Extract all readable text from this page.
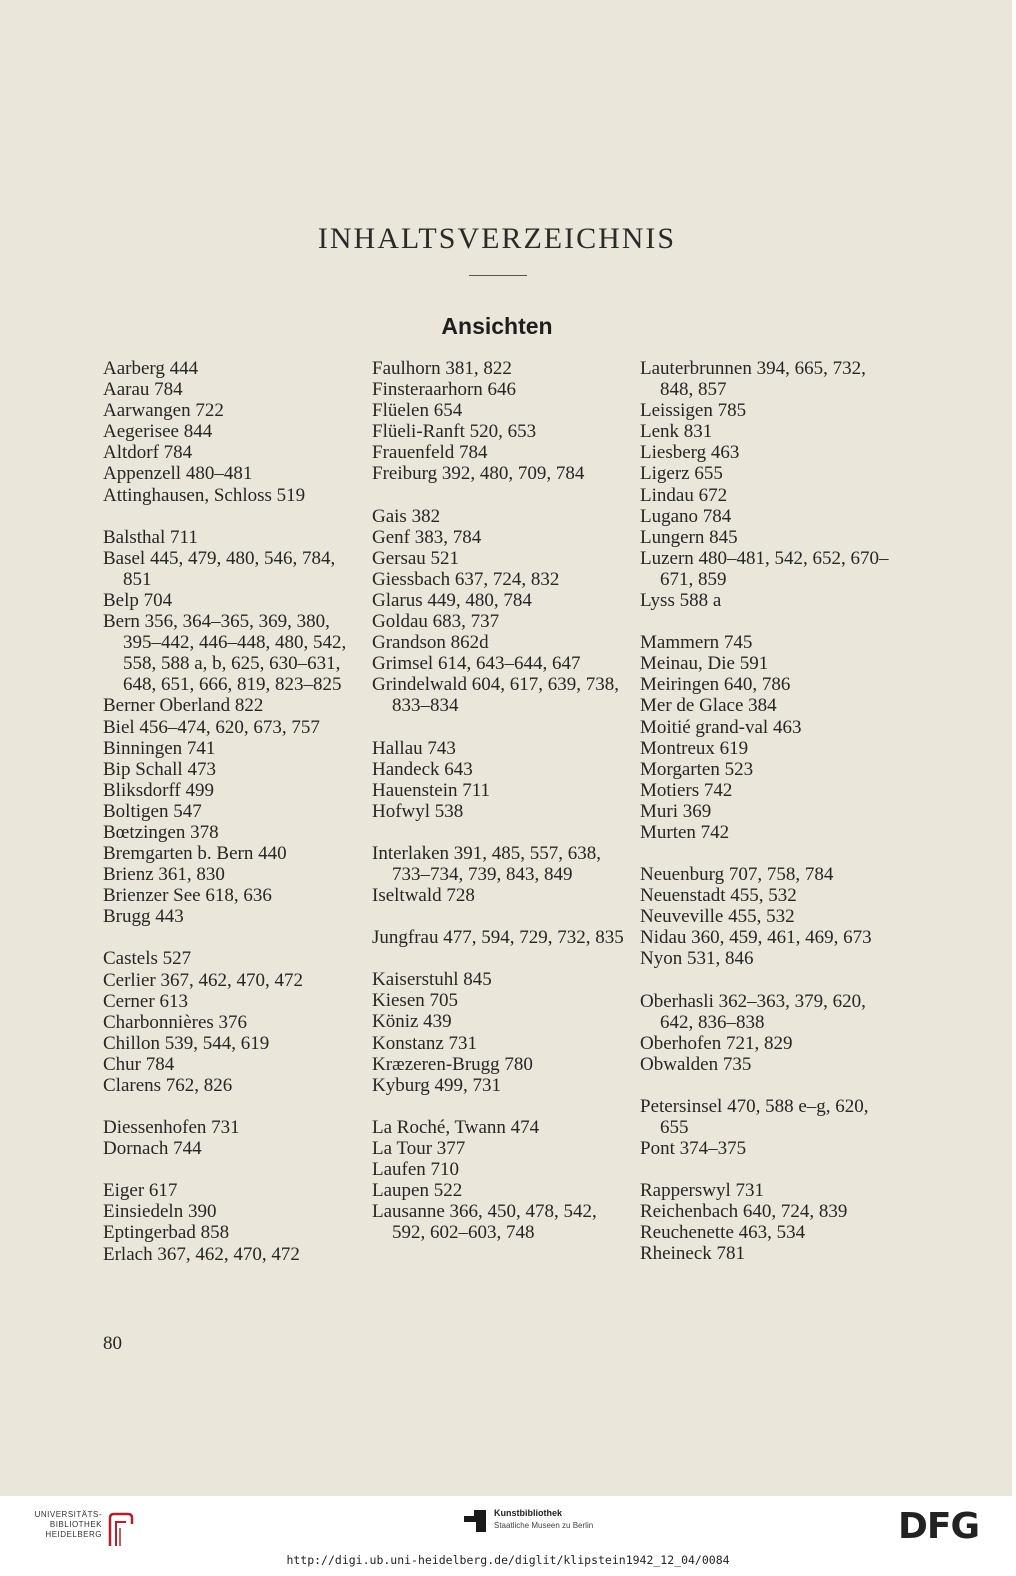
INHALTSVERZEICHNIS
Ansichten
Aarberg 444
Aarau 784
Aarwangen 722
Aegerisee 844
Altdorf 784
Appenzell 480–481
Attinghausen, Schloss 519
Balsthal 711
Basel 445, 479, 480, 546, 784, 851
Belp 704
Bern 356, 364–365, 369, 380, 395–442, 446–448, 480, 542, 558, 588 a, b, 625, 630–631, 648, 651, 666, 819, 823–825
Berner Oberland 822
Biel 456–474, 620, 673, 757
Binningen 741
Bip Schall 473
Bliksdorff 499
Boltigen 547
Bœtzingen 378
Bremgarten b. Bern 440
Brienz 361, 830
Brienzer See 618, 636
Brugg 443
Castels 527
Cerlier 367, 462, 470, 472
Cerner 613
Charbonnières 376
Chillon 539, 544, 619
Chur 784
Clarens 762, 826
Diessenhofen 731
Dornach 744
Eiger 617
Einsiedeln 390
Eptingerbad 858
Erlach 367, 462, 470, 472
Faulhorn 381, 822
Finsteraarhorn 646
Flüelen 654
Flüeli-Ranft 520, 653
Frauenfeld 784
Freiburg 392, 480, 709, 784
Gais 382
Genf 383, 784
Gersau 521
Giessbach 637, 724, 832
Glarus 449, 480, 784
Goldau 683, 737
Grandson 862d
Grimsel 614, 643–644, 647
Grindelwald 604, 617, 639, 738, 833–834
Hallau 743
Handeck 643
Hauenstein 711
Hofwyl 538
Interlaken 391, 485, 557, 638, 733–734, 739, 843, 849
Iseltwald 728
Jungfrau 477, 594, 729, 732, 835
Kaiserstuhl 845
Kiesen 705
Köniz 439
Konstanz 731
Kræzeren-Brugg 780
Kyburg 499, 731
La Roché, Twann 474
La Tour 377
Laufen 710
Laupen 522
Lausanne 366, 450, 478, 542, 592, 602–603, 748
Lauterbrunnen 394, 665, 732, 848, 857
Leissigen 785
Lenk 831
Liesberg 463
Ligerz 655
Lindau 672
Lugano 784
Lungern 845
Luzern 480–481, 542, 652, 670–671, 859
Lyss 588 a
Mammern 745
Meinau, Die 591
Meiringen 640, 786
Mer de Glace 384
Moitié grand-val 463
Montreux 619
Morgarten 523
Motiers 742
Muri 369
Murten 742
Neuenburg 707, 758, 784
Neuenstadt 455, 532
Neuveville 455, 532
Nidau 360, 459, 461, 469, 673
Nyon 531, 846
Oberhasli 362–363, 379, 620, 642, 836–838
Oberhofen 721, 829
Obwalden 735
Petersinsel 470, 588 e–g, 620, 655
Pont 374–375
Rapperswyl 731
Reichenbach 640, 724, 839
Reuchenette 463, 534
Rheineck 781
80
UNIVERSITÄTS-
BIBLIOTHEK
HEIDELBERG
Kunstbibliothek
Staatliche Museen zu Berlin	DFG
http://digi.ub.uni-heidelberg.de/diglit/klipstein1942_12_04/0084
